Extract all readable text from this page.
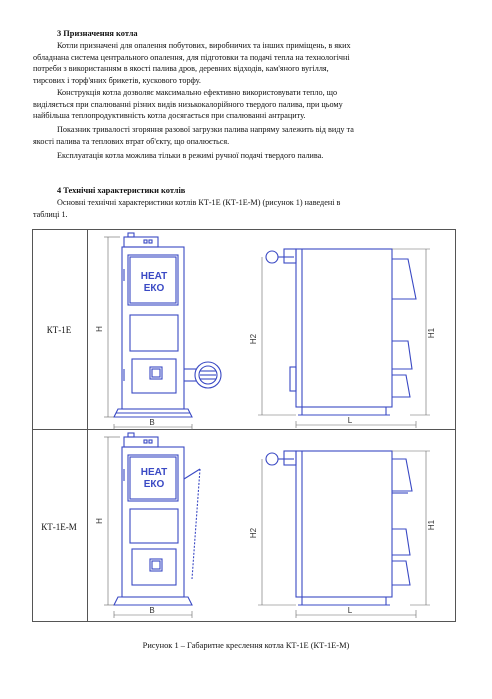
3 Призначення котла
Котли призначені для опалення побутових, виробничих та інших приміщень, в яких
обладнана система центрального опалення, для підготовки та подачі тепла на технологічні
потреби з використанням в якості палива дров, деревних відходів, кам'яного вугілля,
тирсових і торф'яних брикетів, кускового торфу.
Конструкція котла дозволяє максимально ефективно використовувати тепло, що
виділяється при спалюванні різних видів низькокалорійного твердого палива, при цьому
найбільша теплопродуктивність котла досягається при спалюванні антрациту.
Показник тривалості згоряння разової загрузки палива напряму залежить від виду та
якості палива та теплових втрат об'єкту, що опалюється.
Експлуатація котла можлива тільки в режимі ручної подачі твердого палива.
4 Технічні характеристики котлів
Основні технічні характеристики котлів КТ-1Е (КТ-1Е-М) (рисунок 1) наведені в
таблиці 1.

КТ-1Е
КТ-1Е-М
HEAT
ЕКО
H
B
H2
H1
L
HEAT
ЕКО
H
B
H2
H1
L
Рисунок 1 – Габаритне креслення котла КТ-1Е (КТ-1Е-М)
